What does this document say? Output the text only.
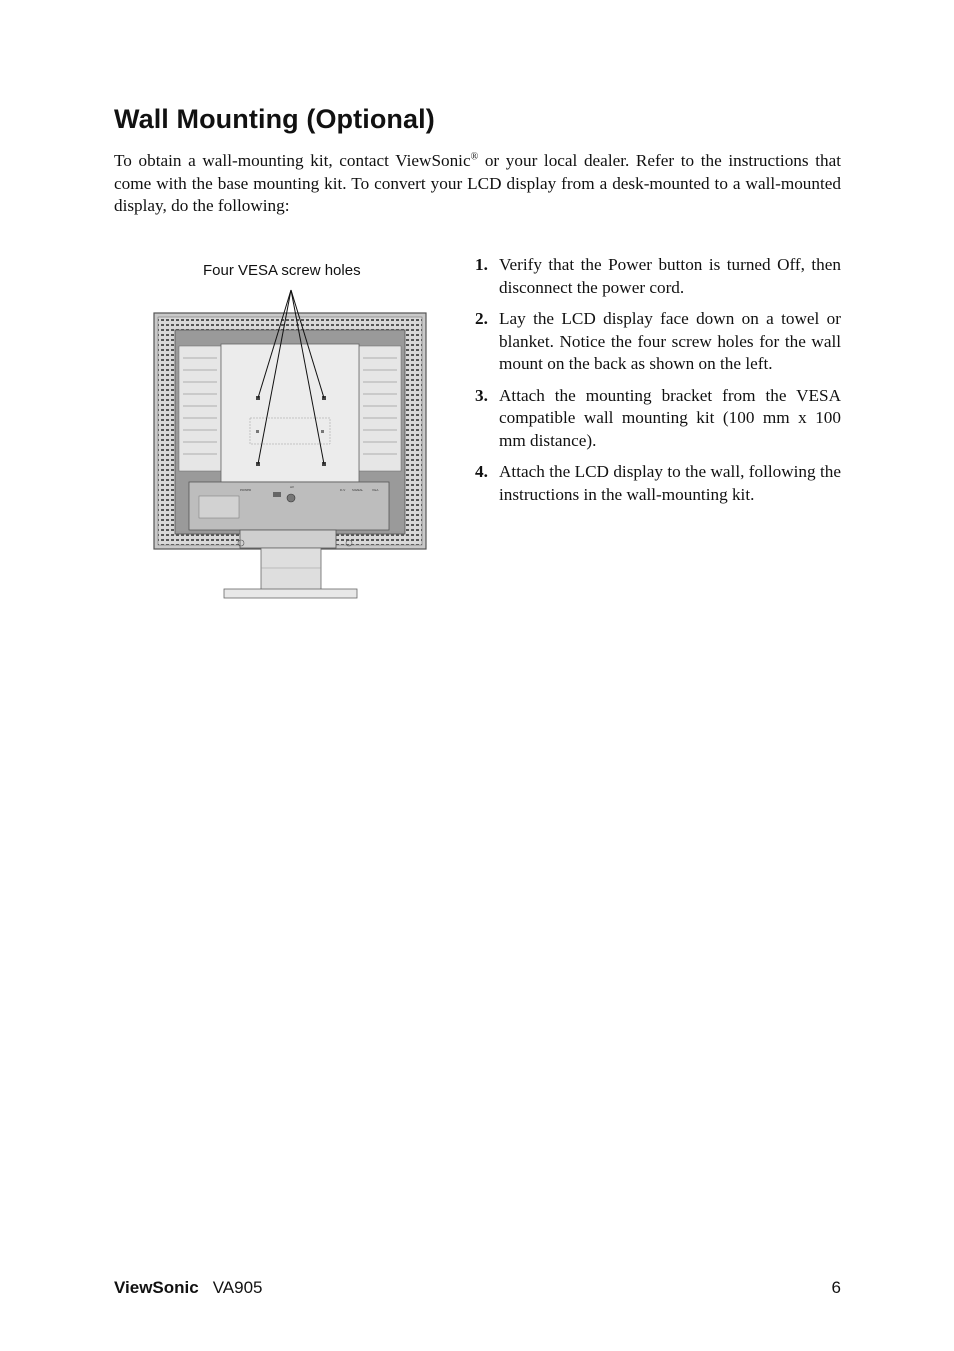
Wall Mounting (Optional)

To obtain a wall-mounting kit, contact ViewSonic® or your local dealer. Refer to the instructions that come with the base mounting kit. To convert your LCD display from a desk-mounted to a wall-mounted display, do the following:

Four VESA screw holes
POWER
AV
D-V	SIGNAL	VGA
1. Verify that the Power button is turned Off, then disconnect the power cord.
2. Lay the LCD display face down on a towel or blanket. Notice the four screw holes for the wall mount on the back as shown on the left.
3. Attach the mounting bracket from the VESA compatible wall mounting kit (100 mm x 100 mm distance).
4. Attach the LCD display to the wall, following the instructions in the wall-mounting kit.
ViewSonic VA905	6
